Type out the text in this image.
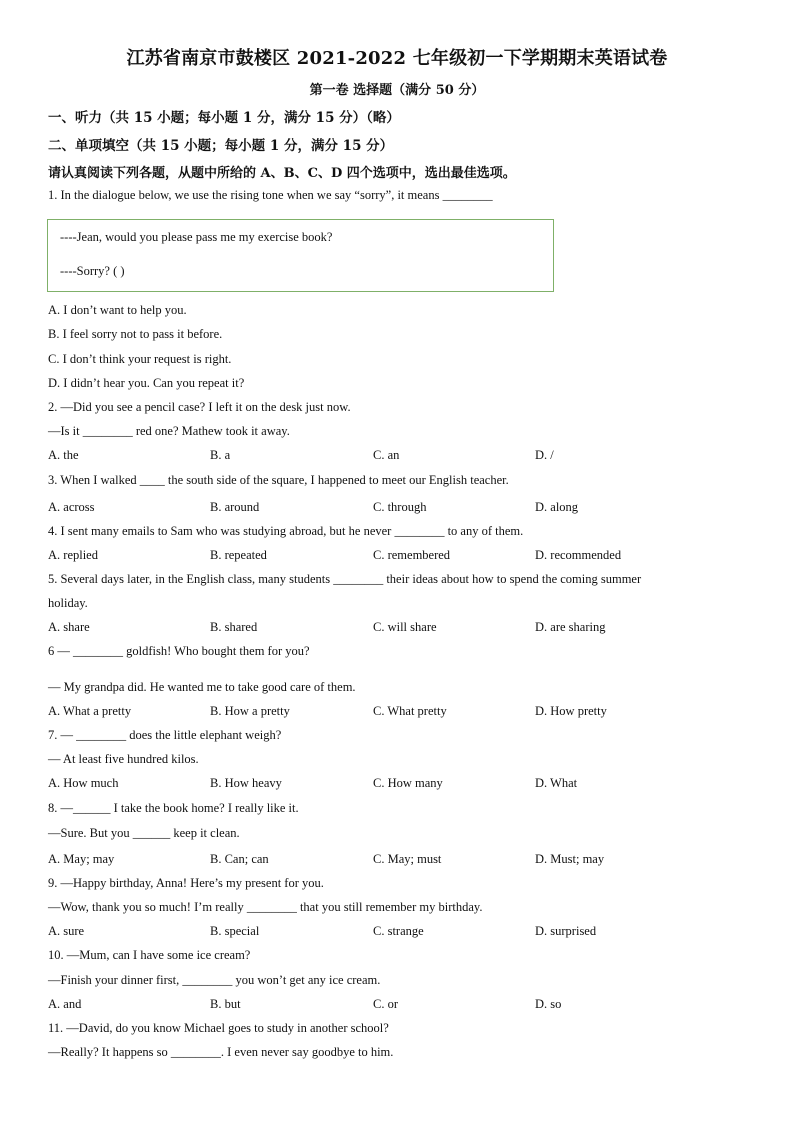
江苏省南京市鼓楼区 2021-2022 七年级初一下学期期末英语试卷
第一卷 选择题（满分 50 分）
一、听力（共 15 小题；每小题 1 分，满分 15 分）（略）
二、单项填空（共 15 小题；每小题 1 分，满分 15 分）
请认真阅读下列各题，从题中所给的 A、B、C、D 四个选项中，选出最佳选项。
1. In the dialogue below, we use the rising tone when we say “sorry”, it means ________
----Jean, would you please pass me my exercise book?
----Sorry? ( )
A. I don’t want to help you.
B. I feel sorry not to pass it before.
C. I don’t think your request is right.
D. I didn’t hear you. Can you repeat it?
2. —Did you see a pencil case? I left it on the desk just now.
—Is it ________ red one? Mathew took it away.
A. the	B. a	C. an	D. /
3. When I walked ____ the south side of the square, I happened to meet our English teacher.
A. across	B. around	C. through	D. along
4. I sent many emails to Sam who was studying abroad, but he never ________ to any of them.
A. replied	B. repeated	C. remembered	D. recommended
5. Several days later, in the English class, many students ________ their ideas about how to spend the coming summer
holiday.
A. share	B. shared	C. will share	D. are sharing
6 — ________ goldfish! Who bought them for you?
— My grandpa did. He wanted me to take good care of them.
A. What a pretty	B. How a pretty	C. What pretty	D. How pretty
7. — ________ does the little elephant weigh?
— At least five hundred kilos.
A. How much	B. How heavy	C. How many	D. What
8. —______ I take the book home? I really like it.
—Sure. But you ______ keep it clean.
A. May; may	B. Can; can	C. May; must	D. Must; may
9. —Happy birthday, Anna! Here’s my present for you.
—Wow, thank you so much! I’m really ________ that you still remember my birthday.
A. sure	B. special	C. strange	D. surprised
10. —Mum, can I have some ice cream?
—Finish your dinner first, ________ you won’t get any ice cream.
A. and	B. but	C. or	D. so
11. —David, do you know Michael goes to study in another school?
—Really? It happens so ________. I even never say goodbye to him.
